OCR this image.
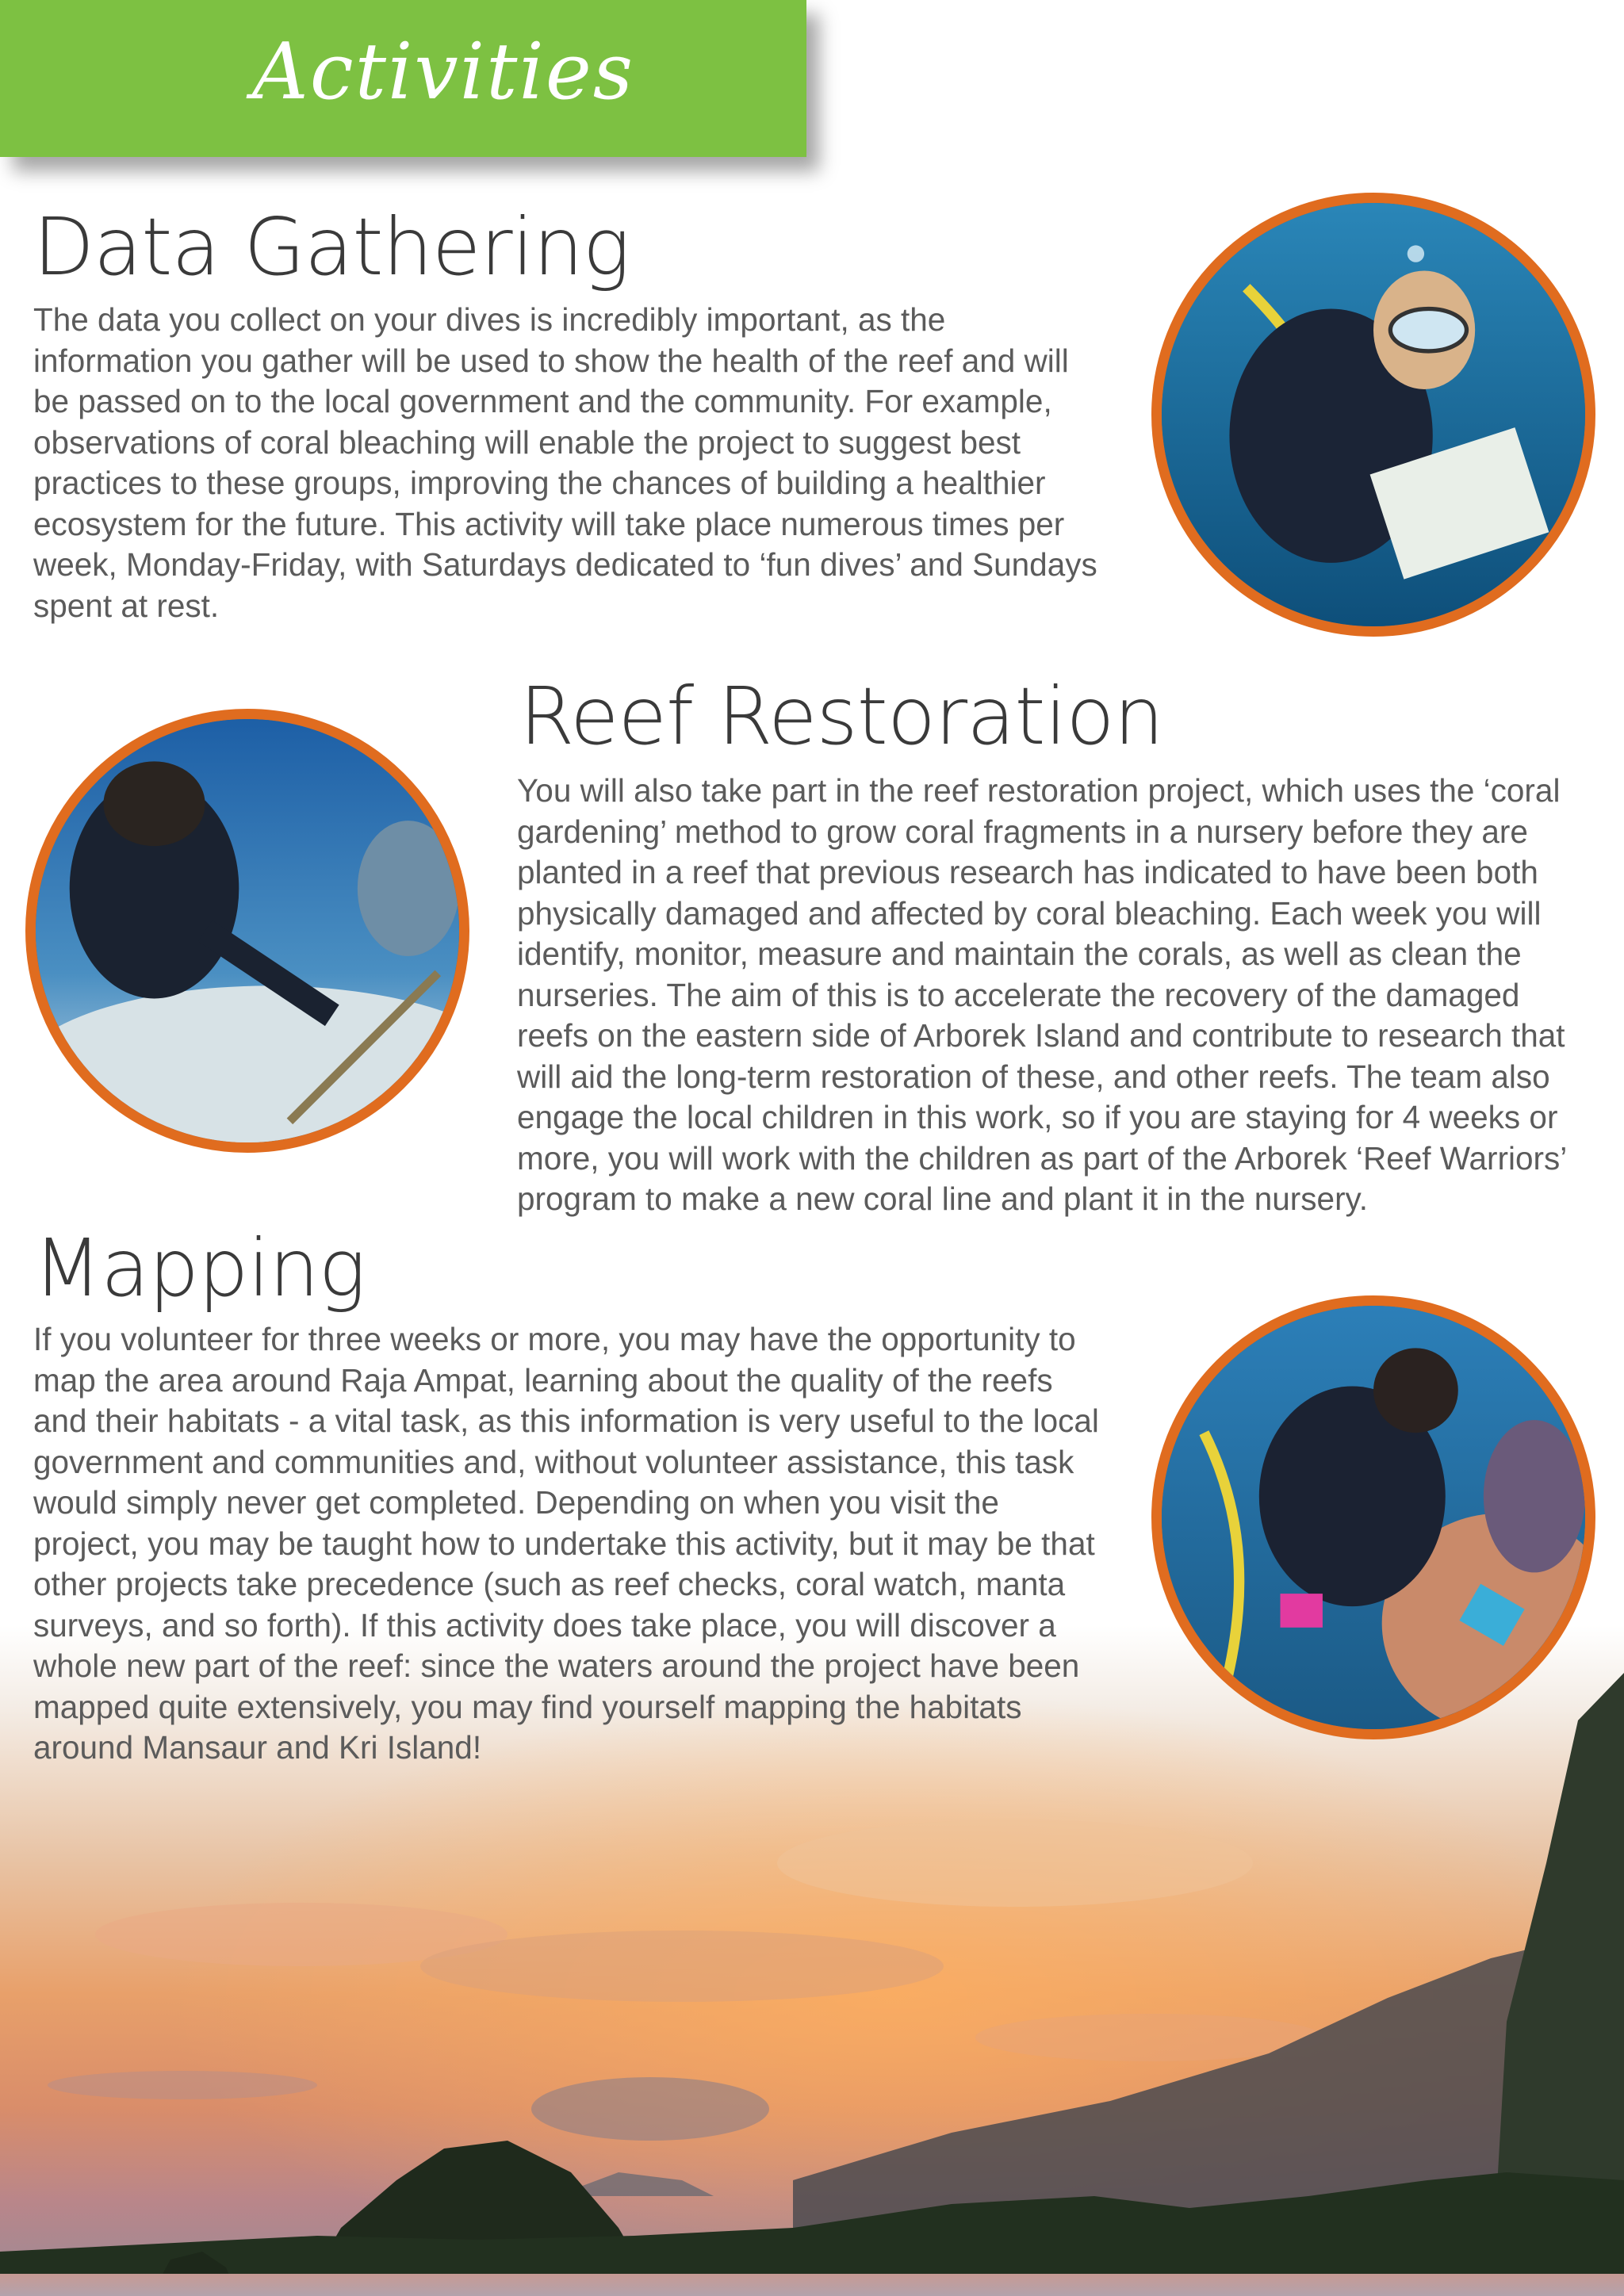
Activities
Data Gathering

The data you collect on your dives is incredibly important, as the information you gather will be used to show the health of the reef and will be passed on to the local government and the community. For example, observations of coral bleaching will enable the project to suggest best practices to these groups, improving the chances of building a healthier ecosystem for the future. This activity will take place numerous times per week, Monday-Friday, with Saturdays dedicated to ‘fun dives’ and Sundays spent at rest.

Reef Restoration

You will also take part in the reef restoration project, which uses the ‘coral gardening’ method to grow coral fragments in a nursery before they are planted in a reef that previous research has indicated to have been both physically damaged and affected by coral bleaching. Each week you will identify, monitor, measure and maintain the corals, as well as clean the nurseries. The aim of this is to accelerate the recovery of the damaged reefs on the eastern side of Arborek Island and contribute to research that will aid the long-term restoration of these, and other reefs. The team also engage the local children in this work, so if you are staying for 4 weeks or more, you will work with the children as part of the Arborek ‘Reef Warriors’ program to make a new coral line and plant it in the nursery.

Mapping

If you volunteer for three weeks or more, you may have the opportunity to map the area around Raja Ampat, learning about the quality of the reefs and their habitats - a vital task, as this information is very useful to the local government and communities and, without volunteer assistance, this task would simply never get completed. Depending on when you visit the project, you may be taught how to undertake this activity, but it may be that other projects take precedence (such as reef checks, coral watch, manta surveys, and so forth). If this activity does take place, you will discover a whole new part of the reef: since the waters around the project have been mapped quite extensively, you may find yourself mapping the habitats around Mansaur and Kri Island!
